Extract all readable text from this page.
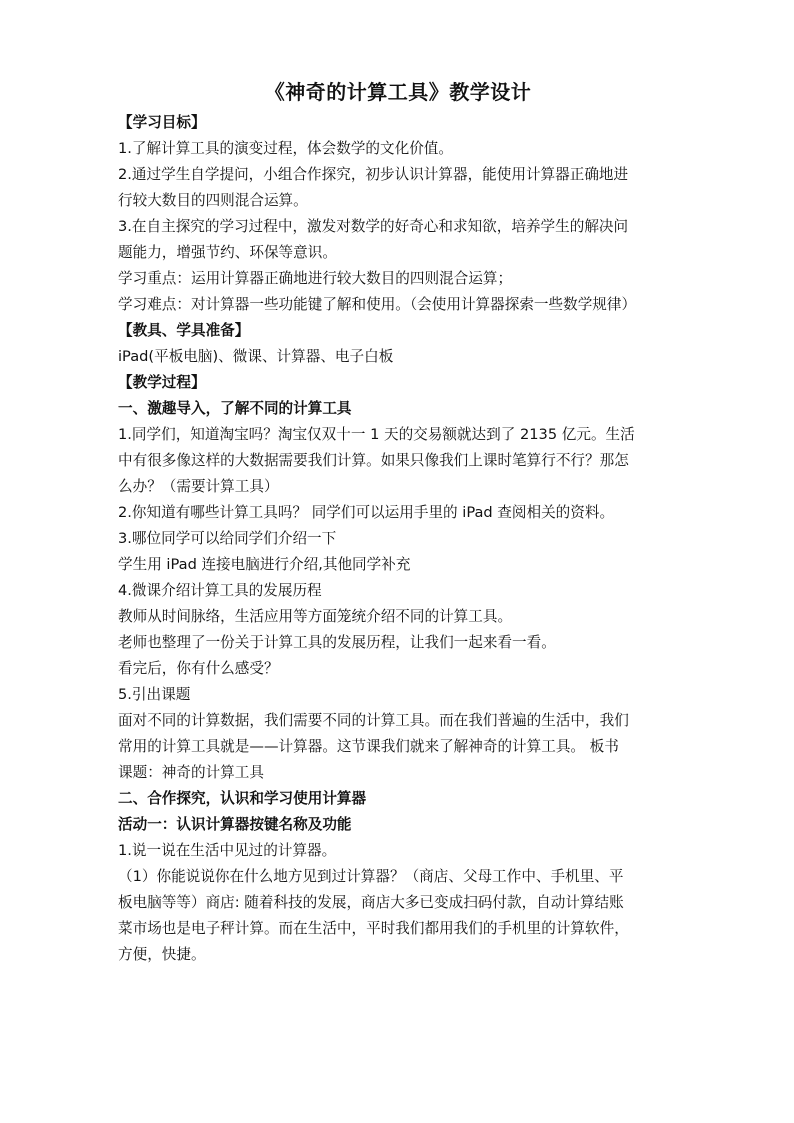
《神奇的计算工具》教学设计

【学习目标】

1.了解计算工具的演变过程，体会数学的文化价值。

2.通过学生自学提问，小组合作探究，初步认识计算器，能使用计算器正确地进

行较大数目的四则混合运算。

3.在自主探究的学习过程中，激发对数学的好奇心和求知欲，培养学生的解决问

题能力，增强节约、环保等意识。

学习重点：运用计算器正确地进行较大数目的四则混合运算；

学习难点：对计算器一些功能键了解和使用。（会使用计算器探索一些数学规律）

【教具、学具准备】

iPad(平板电脑)、微课、计算器、电子白板

【教学过程】

一、激趣导入，了解不同的计算工具

1.同学们，知道淘宝吗？淘宝仅双十一 1 天的交易额就达到了 2135 亿元。生活

中有很多像这样的大数据需要我们计算。如果只像我们上课时笔算行不行？那怎

么办？（需要计算工具）

2.你知道有哪些计算工具吗？ 同学们可以运用手里的 iPad 查阅相关的资料。

3.哪位同学可以给同学们介绍一下

学生用 iPad 连接电脑进行介绍,其他同学补充

4.微课介绍计算工具的发展历程

教师从时间脉络，生活应用等方面笼统介绍不同的计算工具。

老师也整理了一份关于计算工具的发展历程，让我们一起来看一看。

看完后，你有什么感受？

5.引出课题

面对不同的计算数据，我们需要不同的计算工具。而在我们普遍的生活中，我们

常用的计算工具就是——计算器。这节课我们就来了解神奇的计算工具。 板书

课题：神奇的计算工具

二、合作探究，认识和学习使用计算器

活动一：认识计算器按键名称及功能

1.说一说在生活中见过的计算器。

（1）你能说说你在什么地方见到过计算器？（商店、父母工作中、手机里、平

板电脑等等）商店: 随着科技的发展，商店大多已变成扫码付款，自动计算结账

菜市场也是电子秤计算。而在生活中，平时我们都用我们的手机里的计算软件，

方便，快捷。
